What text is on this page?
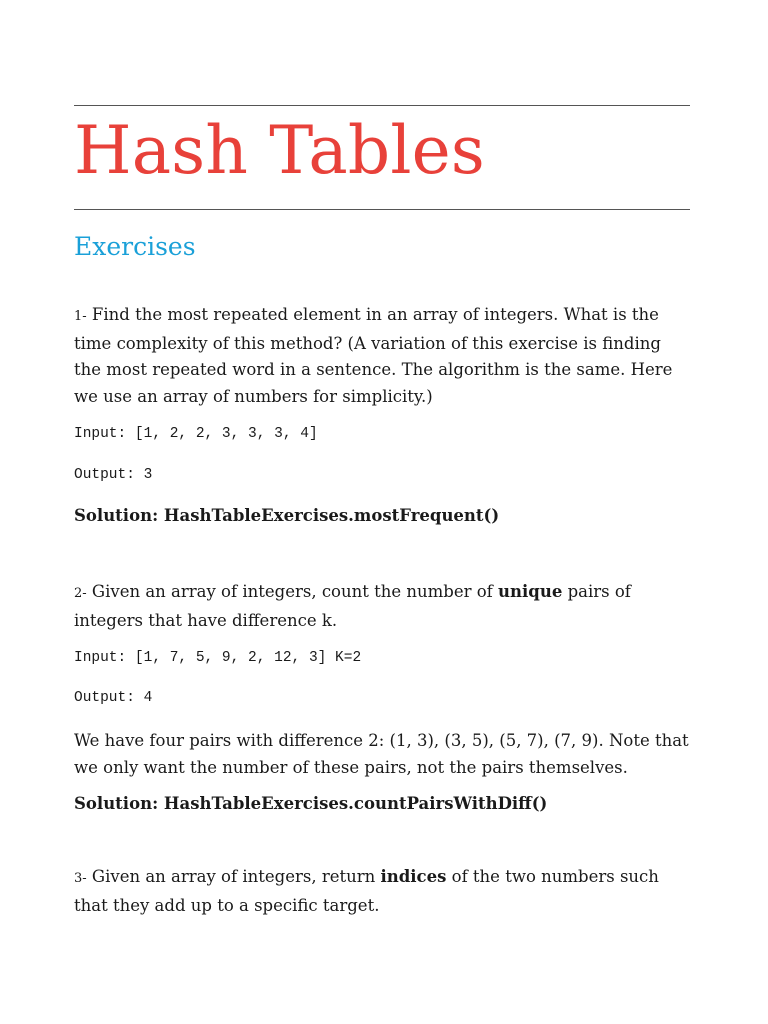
Hash Tables
Exercises
1- Find the most repeated element in an array of integers. What is the time complexity of this method? (A variation of this exercise is finding the most repeated word in a sentence. The algorithm is the same. Here we use an array of numbers for simplicity.)
Input: [1, 2, 2, 3, 3, 3, 4]
Output: 3
Solution: HashTableExercises.mostFrequent()
2- Given an array of integers, count the number of unique pairs of integers that have difference k.
Input: [1, 7, 5, 9, 2, 12, 3] K=2
Output: 4
We have four pairs with difference 2: (1, 3), (3, 5), (5, 7), (7, 9). Note that we only want the number of these pairs, not the pairs themselves.
Solution: HashTableExercises.countPairsWithDiff()
3- Given an array of integers, return indices of the two numbers such that they add up to a specific target.
